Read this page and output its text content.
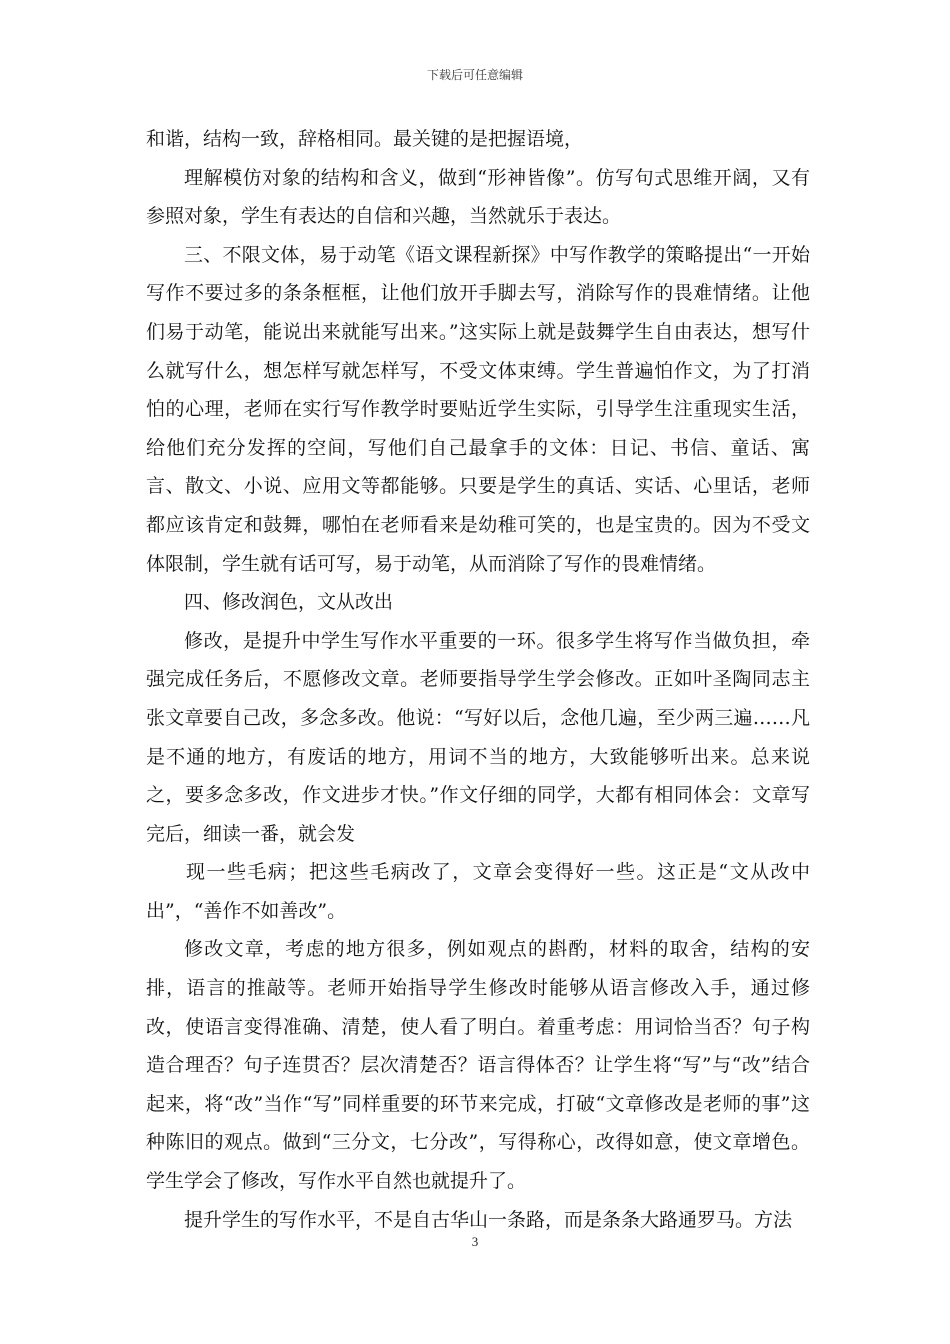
下载后可任意编辑

和谐，结构一致，辞格相同。最关键的是把握语境，

理解模仿对象的结构和含义，做到“形神皆像”。仿写句式思维开阔，又有参照对象，学生有表达的自信和兴趣，当然就乐于表达。

三、不限文体，易于动笔《语文课程新探》中写作教学的策略提出“一开始写作不要过多的条条框框，让他们放开手脚去写，消除写作的畏难情绪。让他们易于动笔，能说出来就能写出来。”这实际上就是鼓舞学生自由表达，想写什么就写什么，想怎样写就怎样写，不受文体束缚。学生普遍怕作文，为了打消怕的心理，老师在实行写作教学时要贴近学生实际，引导学生注重现实生活，给他们充分发挥的空间，写他们自己最拿手的文体：日记、书信、童话、寓言、散文、小说、应用文等都能够。只要是学生的真话、实话、心里话，老师都应该肯定和鼓舞，哪怕在老师看来是幼稚可笑的，也是宝贵的。因为不受文体限制，学生就有话可写，易于动笔，从而消除了写作的畏难情绪。

四、修改润色，文从改出

修改，是提升中学生写作水平重要的一环。很多学生将写作当做负担，牵强完成任务后，不愿修改文章。老师要指导学生学会修改。正如叶圣陶同志主张文章要自己改，多念多改。他说：“写好以后，念他几遍，至少两三遍……凡是不通的地方，有废话的地方，用词不当的地方，大致能够听出来。总来说之，要多念多改，作文进步才快。”作文仔细的同学，大都有相同体会：文章写完后，细读一番，就会发

现一些毛病；把这些毛病改了，文章会变得好一些。这正是“文从改中出”，“善作不如善改”。

修改文章，考虑的地方很多，例如观点的斟酌，材料的取舍，结构的安排，语言的推敲等。老师开始指导学生修改时能够从语言修改入手，通过修改，使语言变得准确、清楚，使人看了明白。着重考虑：用词恰当否？句子构造合理否？句子连贯否？层次清楚否？语言得体否？让学生将“写”与“改”结合起来，将“改”当作“写”同样重要的环节来完成，打破“文章修改是老师的事”这种陈旧的观点。做到“三分文，七分改”，写得称心，改得如意，使文章增色。学生学会了修改，写作水平自然也就提升了。

提升学生的写作水平，不是自古华山一条路，而是条条大路通罗马。方法

3
